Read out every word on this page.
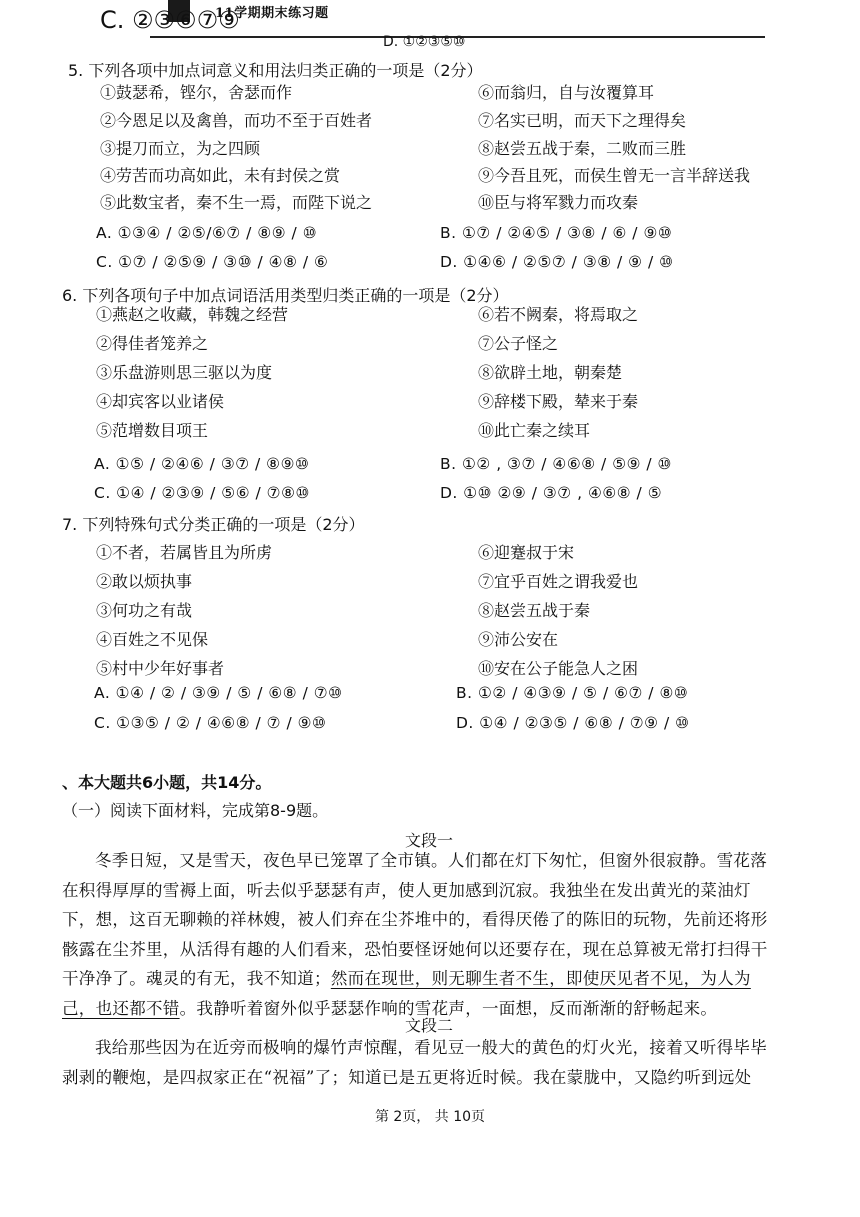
11学期期末练习题
C. ②③⑥⑦⑨
D. ①②③⑤⑩
5. 下列各项中加点词意义和用法归类正确的一项是（2分）
①鼓瑟希，铿尔，舍瑟而作
②今恩足以及禽兽，而功不至于百姓者
③提刀而立，为之四顾
④劳苦而功高如此，未有封侯之赏
⑤此数宝者，秦不生一焉，而陛下说之
⑥而翁归，自与汝覆算耳
⑦名实已明，而天下之理得矣
⑧赵尝五战于秦，二败而三胜
⑨今吾且死，而侯生曾无一言半辞送我
⑩臣与将军戮力而攻秦
A. ①③④ / ②⑤/⑥⑦ / ⑧⑨ / ⑩	B. ①⑦ / ②④⑤ / ③⑧ / ⑥ / ⑨⑩
C. ①⑦ / ②⑤⑨ / ③⑩ / ④⑧ / ⑥	D. ①④⑥ / ②⑤⑦ / ③⑧ / ⑨ / ⑩
6. 下列各项句子中加点词语活用类型归类正确的一项是（2分）
①燕赵之收藏，韩魏之经营
②得佳者笼养之
③乐盘游则思三驱以为度
④却宾客以业诸侯
⑤范增数目项王
⑥若不阙秦，将焉取之
⑦公子怪之
⑧欲辟土地，朝秦楚
⑨辞楼下殿，辇来于秦
⑩此亡秦之续耳
A. ①⑤ / ②④⑥ / ③⑦ / ⑧⑨⑩	B. ①② , ③⑦ / ④⑥⑧ / ⑤⑨ / ⑩
C. ①④ / ②③⑨ / ⑤⑥ / ⑦⑧⑩	D. ①⑩ ②⑨ / ③⑦ , ④⑥⑧ / ⑤
7. 下列特殊句式分类正确的一项是（2分）
①不者，若属皆且为所虏
②敢以烦执事
③何功之有哉
④百姓之不见保
⑤村中少年好事者
⑥迎蹇叔于宋
⑦宜乎百姓之谓我爱也
⑧赵尝五战于秦
⑨沛公安在
⑩安在公子能急人之困
A. ①④ / ② / ③⑨ / ⑤ / ⑥⑧ / ⑦⑩	B. ①② / ④③⑨ / ⑤ / ⑥⑦ / ⑧⑩
C. ①③⑤ / ② / ④⑥⑧ / ⑦ / ⑨⑩	D. ①④ / ②③⑤ / ⑥⑧ / ⑦⑨ / ⑩
、本大题共6小题，共14分。
（一）阅读下面材料，完成第8-9题。
文段一
冬季日短，又是雪天，夜色早已笼罩了全市镇。人们都在灯下匆忙，但窗外很寂静。雪花落在积得厚厚的雪褥上面，听去似乎瑟瑟有声，使人更加感到沉寂。我独坐在发出黄光的菜油灯下，想，这百无聊赖的祥林嫂，被人们弃在尘芥堆中的，看得厌倦了的陈旧的玩物，先前还将形骸露在尘芥里，从活得有趣的人们看来，恐怕要怪讶她何以还要存在，现在总算被无常打扫得干干净净了。魂灵的有无，我不知道；然而在现世，则无聊生者不生，即使厌见者不见，为人为己，也还都不错。我静听着窗外似乎瑟瑟作响的雪花声，一面想，反而渐渐的舒畅起来。
文段二
我给那些因为在近旁而极响的爆竹声惊醒，看见豆一般大的黄色的灯火光，接着又听得毕毕剥剥的鞭炮，是四叔家正在“祝福”了；知道已是五更将近时候。我在蒙胧中，又隐约听到远处
第 2页， 共 10页
